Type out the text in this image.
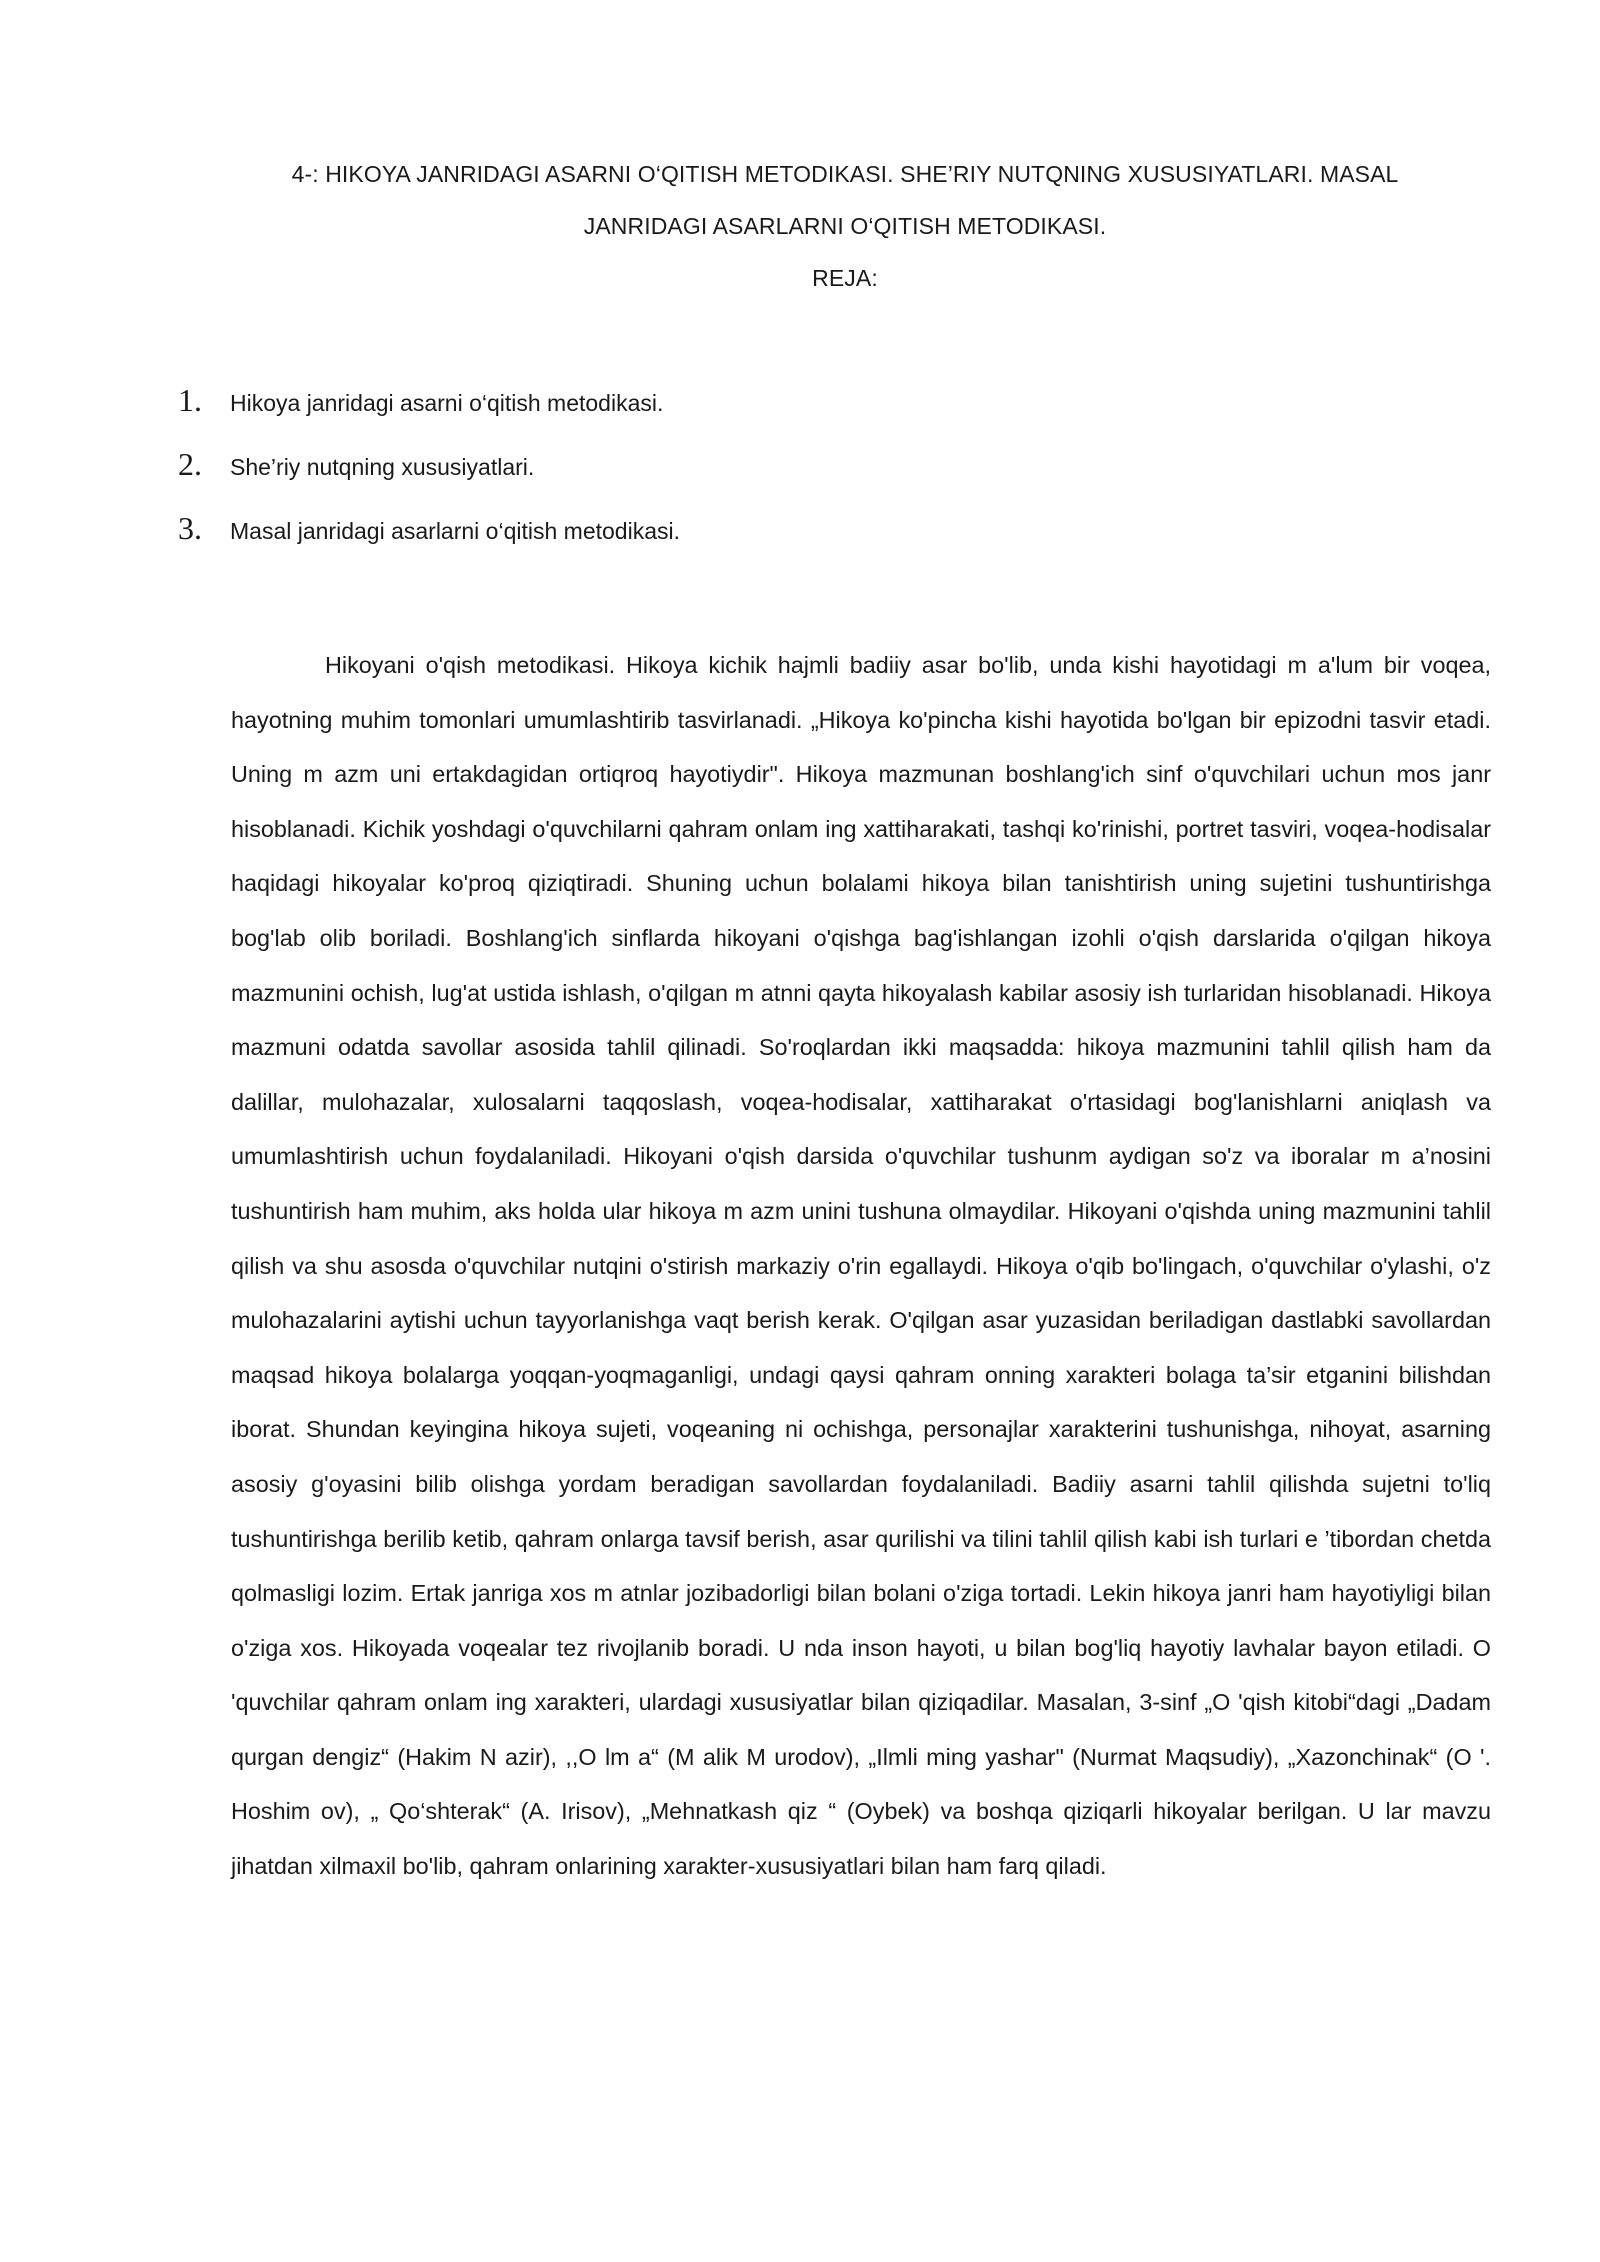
4-: HIKOYA JANRIDAGI ASARNI O‘QITISH METODIKASI. SHE’RIY NUTQNING XUSUSIYATLARI. MASAL

JANRIDAGI ASARLARNI O‘QITISH METODIKASI.

REJA:

1.	Hikoya janridagi asarni o‘qitish metodikasi.
2.	She’riy nutqning xususiyatlari.
3.	Masal janridagi asarlarni o‘qitish metodikasi.

Hikoyani o'qish metodikasi. Hikoya kichik hajmli badiiy asar bo'lib, unda kishi hayotidagi m a'lum bir voqea, hayotning muhim tomonlari umumlashtirib tasvirlanadi. „Hikoya ko'pincha kishi hayotida bo'lgan bir epizodni tasvir etadi. Uning m azm uni ertakdagidan ortiqroq hayotiydir". Hikoya mazmunan boshlang'ich sinf o'quvchilari uchun mos janr hisoblanadi. Kichik yoshdagi o'quvchilarni qahram onlam ing xattiharakati, tashqi ko'rinishi, portret tasviri, voqea-hodisalar haqidagi hikoyalar ko'proq qiziqtiradi. Shuning uchun bolalami hikoya bilan tanishtirish uning sujetini tushuntirishga bog'lab olib boriladi. Boshlang'ich sinflarda hikoyani o'qishga bag'ishlangan izohli o'qish darslarida o'qilgan hikoya mazmunini ochish, lug'at ustida ishlash, o'qilgan m atnni qayta hikoyalash kabilar asosiy ish turlaridan hisoblanadi. Hikoya mazmuni odatda savollar asosida tahlil qilinadi. So'roqlardan ikki maqsadda: hikoya mazmunini tahlil qilish ham da dalillar, mulohazalar, xulosalarni taqqoslash, voqea-hodisalar, xattiharakat o'rtasidagi bog'lanishlarni aniqlash va umumlashtirish uchun foydalaniladi. Hikoyani o'qish darsida o'quvchilar tushunm aydigan so'z va iboralar m a’nosini tushuntirish ham muhim, aks holda ular hikoya m azm unini tushuna olmaydilar. Hikoyani o'qishda uning mazmunini tahlil qilish va shu asosda o'quvchilar nutqini o'stirish markaziy o'rin egallaydi. Hikoya o'qib bo'lingach, o'quvchilar o'ylashi, o'z mulohazalarini aytishi uchun tayyorlanishga vaqt berish kerak. O'qilgan asar yuzasidan beriladigan dastlabki savollardan maqsad hikoya bolalarga yoqqan-yoqmaganligi, undagi qaysi qahram onning xarakteri bolaga ta’sir etganini bilishdan iborat. Shundan keyingina hikoya sujeti, voqeaning ni ochishga, personajlar xarakterini tushunishga, nihoyat, asarning asosiy g'oyasini bilib olishga yordam beradigan savollardan foydalaniladi. Badiiy asarni tahlil qilishda sujetni to'liq tushuntirishga berilib ketib, qahram onlarga tavsif berish, asar qurilishi va tilini tahlil qilish kabi ish turlari e ’tibordan chetda qolmasligi lozim. Ertak janriga xos m atnlar jozibadorligi bilan bolani o'ziga tortadi. Lekin hikoya janri ham hayotiyligi bilan o'ziga xos. Hikoyada voqealar tez rivojlanib boradi. U nda inson hayoti, u bilan bog'liq hayotiy lavhalar bayon etiladi. O 'quvchilar qahram onlam ing xarakteri, ulardagi xususiyatlar bilan qiziqadilar. Masalan, 3-sinf „O 'qish kitobi“dagi „Dadam qurgan dengiz“ (Hakim N azir), ,,O lm a“ (M alik M urodov), „Ilmli ming yashar" (Nurmat Maqsudiy), „Xazonchinak“ (O '. Hoshim ov), „ Qo‘shterak“ (A. Irisov), „Mehnatkash qiz “ (Oybek) va boshqa qiziqarli hikoyalar berilgan. U lar mavzu jihatdan xilmaxil bo'lib, qahram onlarining xarakter-xususiyatlari bilan ham farq qiladi.
